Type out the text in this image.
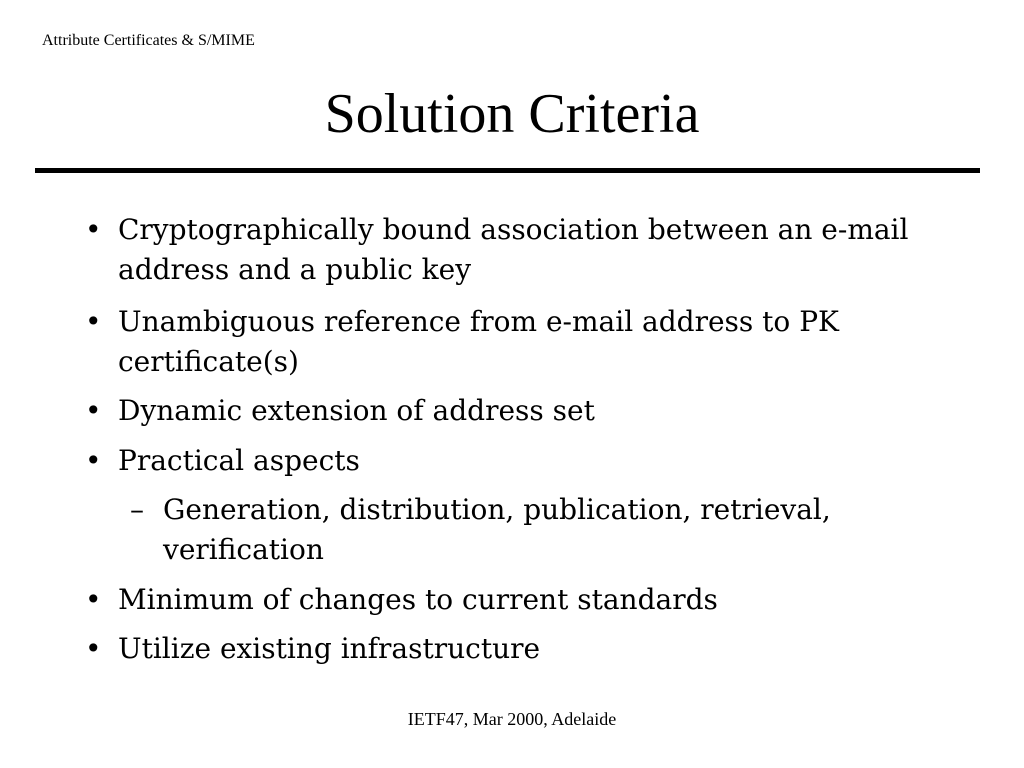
Attribute Certificates & S/MIME
Solution Criteria
• Cryptographically bound association between an e-mail address and a public key
• Unambiguous reference from e-mail address to PK certificate(s)
• Dynamic extension of address set
• Practical aspects
– Generation, distribution, publication, retrieval, verification
• Minimum of changes to current standards
• Utilize existing infrastructure
IETF47, Mar 2000, Adelaide
